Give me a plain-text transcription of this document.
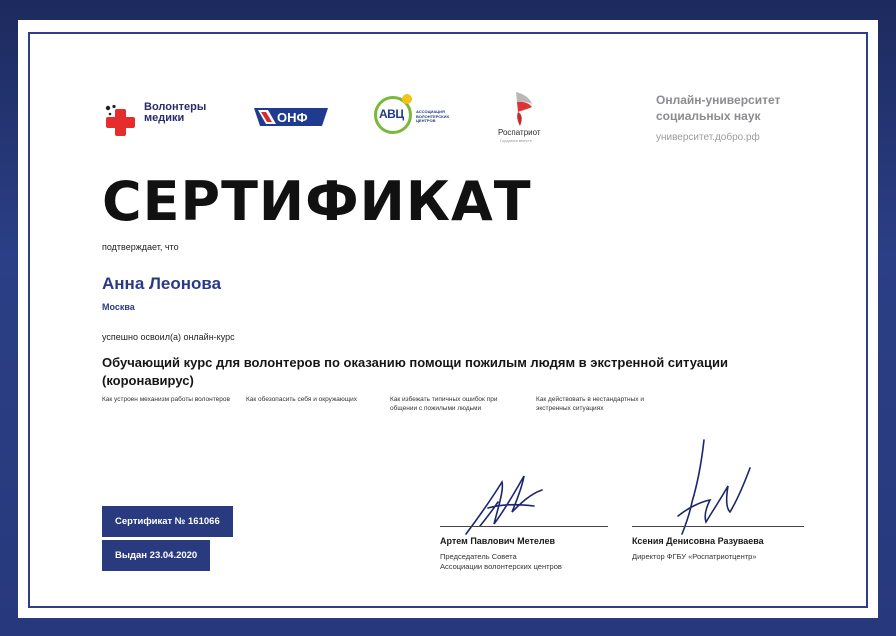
Волонтеры
медики	ОНФ	АВЦ	АССОЦИАЦИЯ ВОЛОНТЕРСКИХ ЦЕНТРОВ
Роспатриот
Гордимся вместе
Онлайн-университет
социальных наук
университет.добро.рф
СЕРТИФИКАТ
подтверждает, что
Анна Леонова
Москва
успешно освоил(а) онлайн-курс
Обучающий курс для волонтеров по оказанию помощи пожилым людям в экстренной ситуации (коронавирус)
Как устроен механизм работы волонтеров	Как обезопасить себя и окружающих	Как избежать типичных ошибок при общении с пожилыми людьми
Как действовать в нестандартных и экстренных ситуациях
Сертификат № 161066
Выдан 23.04.2020
Артем Павлович Метелев
Председатель Совета
Ассоциации волонтерских центров
Ксения Денисовна Разуваева
Директор ФГБУ «Роспатриотцентр»
